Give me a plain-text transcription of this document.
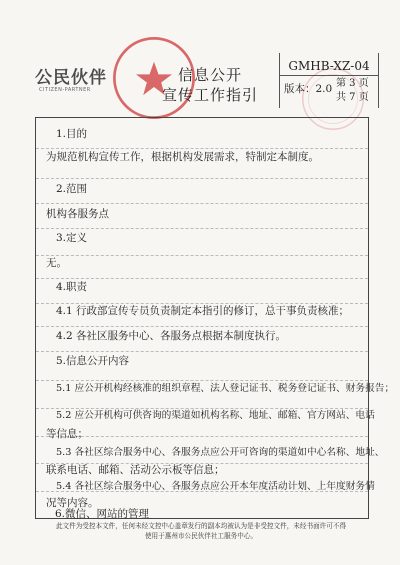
公民伙伴
CITIZEN-PARTNER
信息公开
宣传工作指引
GMHB-XZ-04
版本：2.0 第 3 页
共 7 页
1.目的
为规范机构宣传工作，根据机构发展需求，特制定本制度。
2.范围
机构各服务点
3.定义
无。
4.职责
4.1 行政部宣传专员负责制定本指引的修订，总干事负责核准；
4.2 各社区服务中心、各服务点根据本制度执行。
5.信息公开内容
5.1 应公开机构经核准的组织章程、法人登记证书、税务登记证书、财务报告；
5.2 应公开机构可供咨询的渠道如机构名称、地址、邮箱、官方网站、电话
等信息；
5.3 各社区综合服务中心、各服务点应公开可咨询的渠道如中心名称、地址、
联系电话、邮箱、活动公示板等信息；
5.4 各社区综合服务中心、各服务点应公开本年度活动计划、上年度财务情
况等内容。
6.微信、网站的管理
此文件为受控本文件，任何未经文控中心盖章发行的副本均被认为是非受控文件，未经书面许可不得
使用于惠州市公民伙伴社工服务中心。
